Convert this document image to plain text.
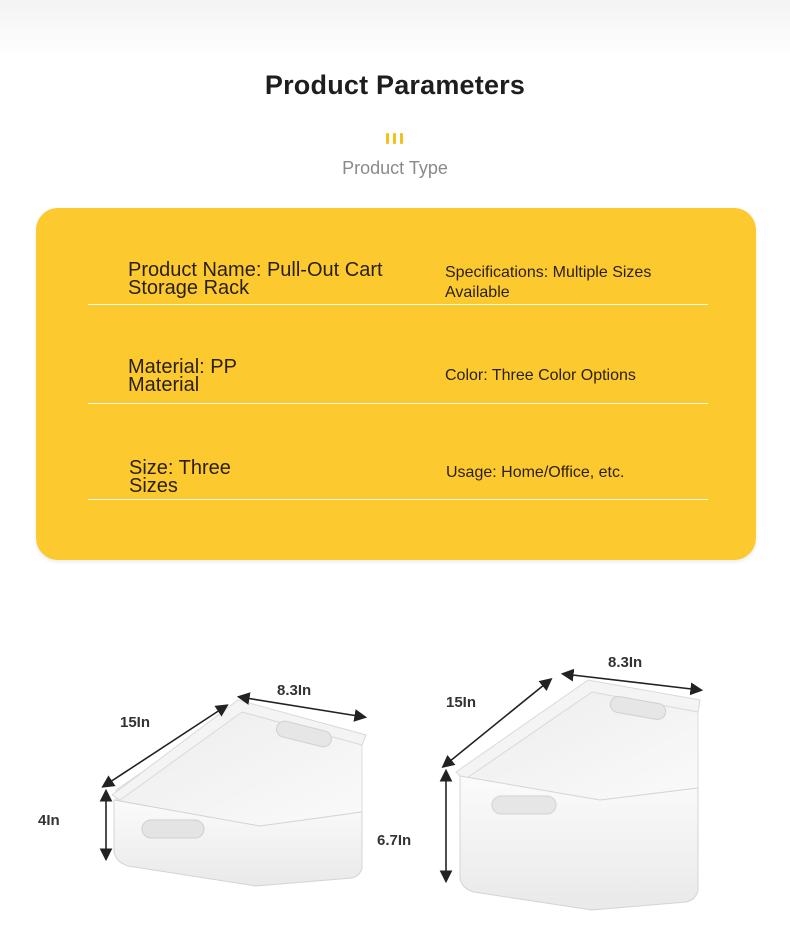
Product Parameters
Product Type
Product Name: Pull-Out Cart
Storage Rack
Specifications: Multiple Sizes
Available
Material: PP
Material	Color: Three Color Options
Size: Three
Sizes
Usage: Home/Office, etc.
15In
8.3In
4In
15In
8.3In
6.7In
